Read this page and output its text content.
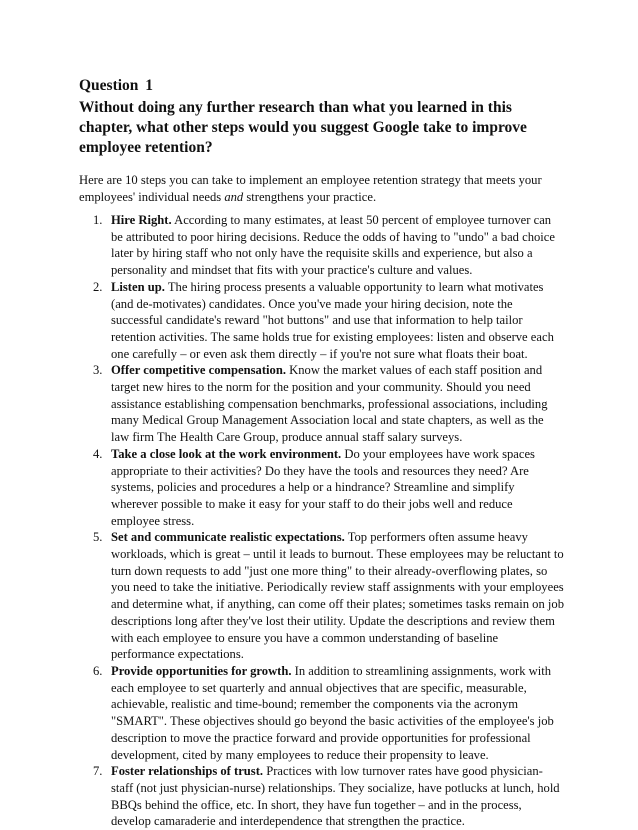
Question 1
Without doing any further research than what you learned in this
chapter, what other steps would you suggest Google take to improve
employee retention?
Here are 10 steps you can take to implement an employee retention strategy that meets your
employees' individual needs and strengthens your practice.
1. Hire Right. According to many estimates, at least 50 percent of employee turnover can
be attributed to poor hiring decisions. Reduce the odds of having to "undo" a bad choice
later by hiring staff who not only have the requisite skills and experience, but also a
personality and mindset that fits with your practice's culture and values.
2. Listen up. The hiring process presents a valuable opportunity to learn what motivates
(and de-motivates) candidates. Once you've made your hiring decision, note the
successful candidate's reward "hot buttons" and use that information to help tailor
retention activities. The same holds true for existing employees: listen and observe each
one carefully – or even ask them directly – if you're not sure what floats their boat.
3. Offer competitive compensation. Know the market values of each staff position and
target new hires to the norm for the position and your community. Should you need
assistance establishing compensation benchmarks, professional associations, including
many Medical Group Management Association local and state chapters, as well as the
law firm The Health Care Group, produce annual staff salary surveys.
4. Take a close look at the work environment. Do your employees have work spaces
appropriate to their activities? Do they have the tools and resources they need? Are
systems, policies and procedures a help or a hindrance? Streamline and simplify
wherever possible to make it easy for your staff to do their jobs well and reduce
employee stress.
5. Set and communicate realistic expectations. Top performers often assume heavy
workloads, which is great – until it leads to burnout. These employees may be reluctant to
turn down requests to add "just one more thing" to their already-overflowing plates, so
you need to take the initiative. Periodically review staff assignments with your employees
and determine what, if anything, can come off their plates; sometimes tasks remain on job
descriptions long after they've lost their utility. Update the descriptions and review them
with each employee to ensure you have a common understanding of baseline
performance expectations.
6. Provide opportunities for growth. In addition to streamlining assignments, work with
each employee to set quarterly and annual objectives that are specific, measurable,
achievable, realistic and time-bound; remember the components via the acronym
"SMART". These objectives should go beyond the basic activities of the employee's job
description to move the practice forward and provide opportunities for professional
development, cited by many employees to reduce their propensity to leave.
7. Foster relationships of trust. Practices with low turnover rates have good physician-
staff (not just physician-nurse) relationships. They socialize, have potlucks at lunch, hold
BBQs behind the office, etc. In short, they have fun together – and in the process,
develop camaraderie and interdependence that strengthen the practice.
